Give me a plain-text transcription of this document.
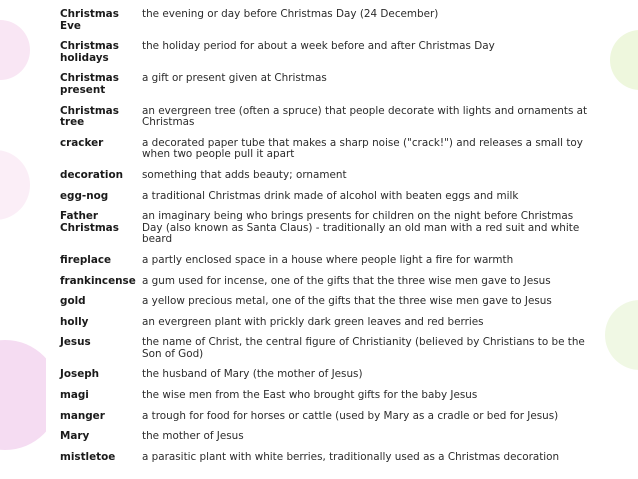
Christmas Eve	the evening or day before Christmas Day (24 December)
Christmas holidays	the holiday period for about a week before and after Christmas Day
Christmas present	a gift or present given at Christmas
Christmas tree	an evergreen tree (often a spruce) that people decorate with lights and ornaments at Christmas
cracker	a decorated paper tube that makes a sharp noise ("crack!") and releases a small toy when two people pull it apart
decoration	something that adds beauty; ornament
egg-nog	a traditional Christmas drink made of alcohol with beaten eggs and milk
Father Christmas	an imaginary being who brings presents for children on the night before Christmas Day (also known as Santa Claus) - traditionally an old man with a red suit and white beard
fireplace	a partly enclosed space in a house where people light a fire for warmth
frankincense	a gum used for incense, one of the gifts that the three wise men gave to Jesus
gold	a yellow precious metal, one of the gifts that the three wise men gave to Jesus
holly	an evergreen plant with prickly dark green leaves and red berries
Jesus	the name of Christ, the central figure of Christianity (believed by Christians to be the Son of God)
Joseph	the husband of Mary (the mother of Jesus)
magi	the wise men from the East who brought gifts for the baby Jesus
manger	a trough for food for horses or cattle (used by Mary as a cradle or bed for Jesus)
Mary	the mother of Jesus
mistletoe	a parasitic plant with white berries, traditionally used as a Christmas decoration
